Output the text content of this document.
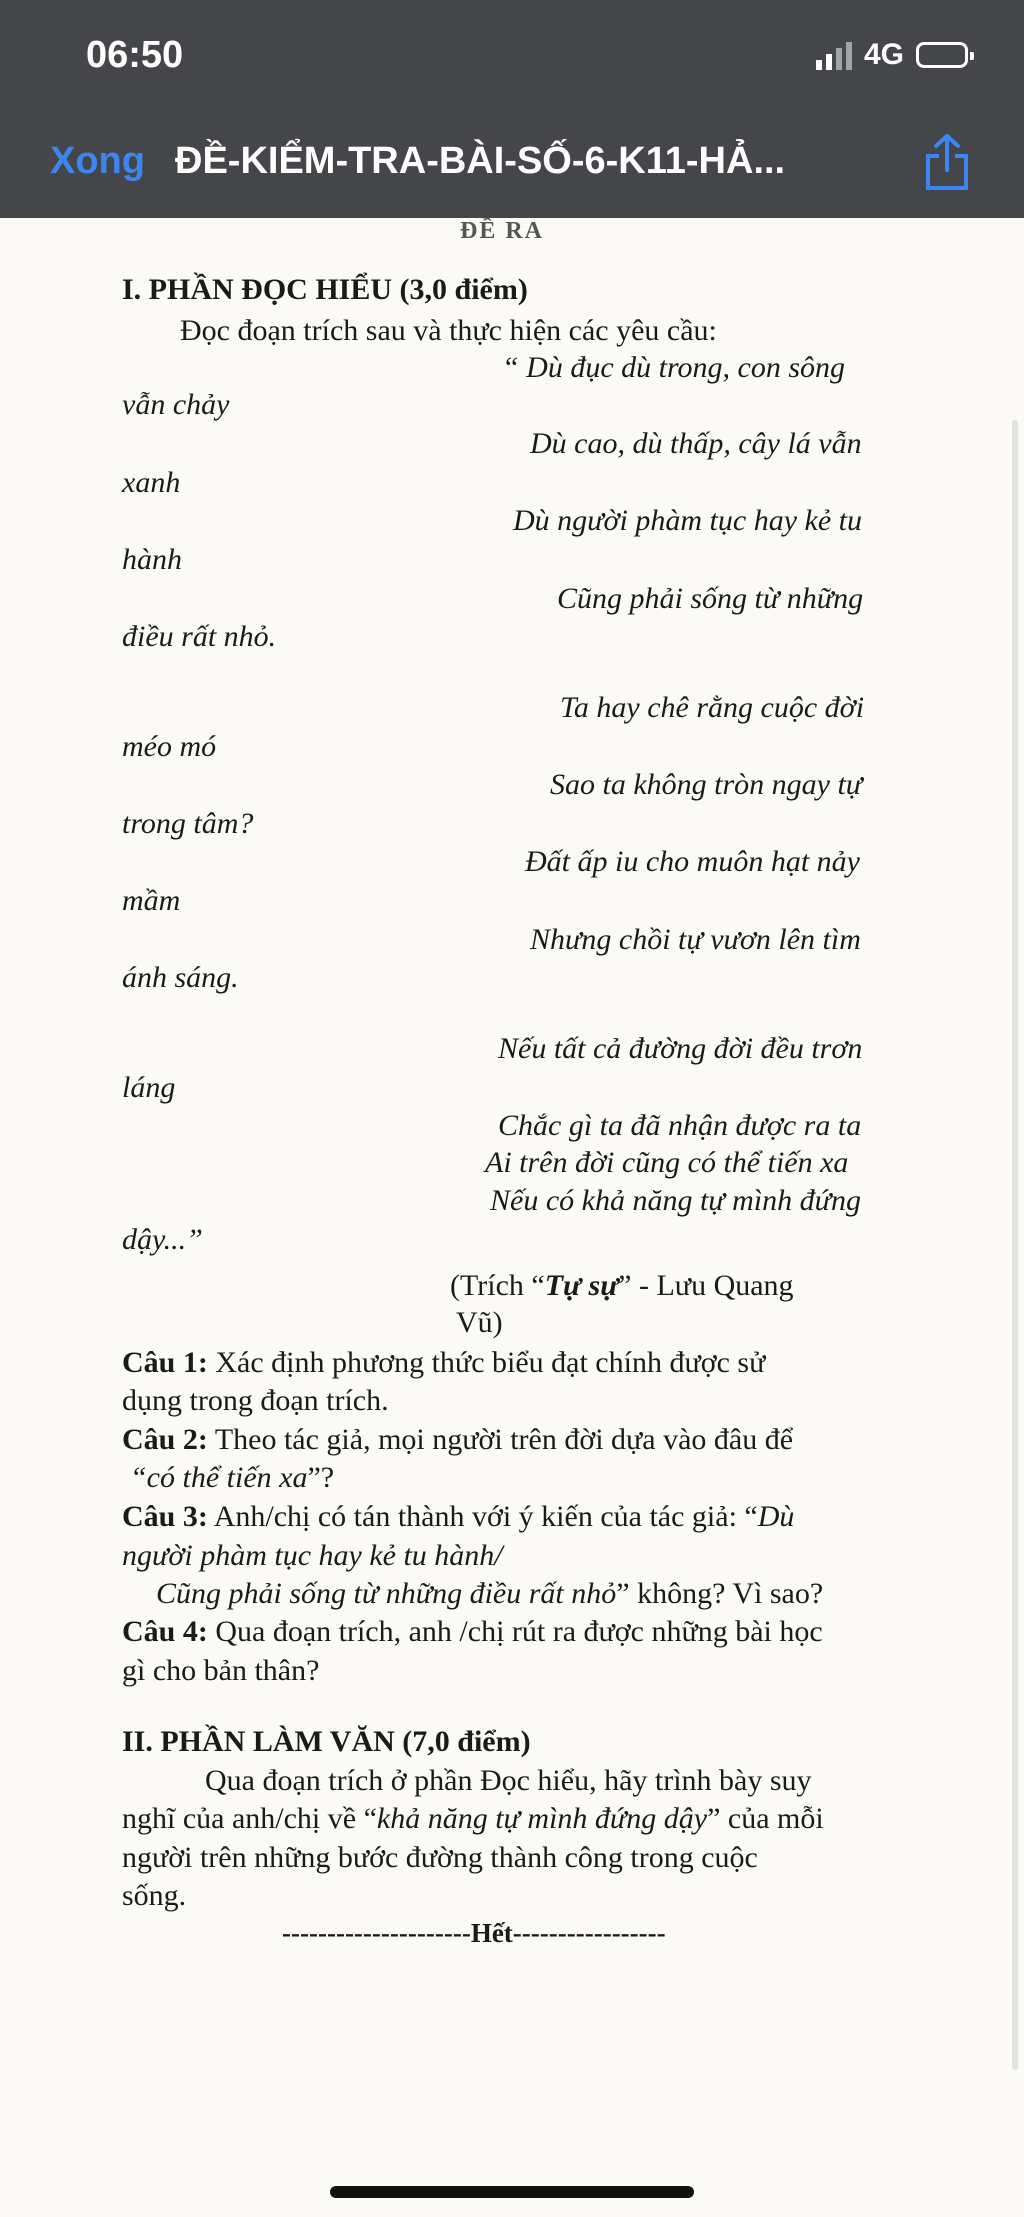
06:50	4G
Xong ĐỀ-KIỂM-TRA-BÀI-SỐ-6-K11-HẢ...
ĐỀ RA
I. PHẦN ĐỌC HIỂU (3,0 điểm)
Đọc đoạn trích sau và thực hiện các yêu cầu:
“ Dù đục dù trong, con sông
vẫn chảy
Dù cao, dù thấp, cây lá vẫn
xanh
Dù người phàm tục hay kẻ tu
hành
Cũng phải sống từ những
điều rất nhỏ.
Ta hay chê rằng cuộc đời
méo mó
Sao ta không tròn ngay tự
trong tâm?
Đất ấp iu cho muôn hạt nảy
mầm
Nhưng chồi tự vươn lên tìm
ánh sáng.
Nếu tất cả đường đời đều trơn
láng
Chắc gì ta đã nhận được ra ta
Ai trên đời cũng có thể tiến xa
Nếu có khả năng tự mình đứng
dậy...”
(Trích “Tự sự” - Lưu Quang
Vũ)
Câu 1: Xác định phương thức biểu đạt chính được sử
dụng trong đoạn trích.
Câu 2: Theo tác giả, mọi người trên đời dựa vào đâu để
“có thể tiến xa”?
Câu 3: Anh/chị có tán thành với ý kiến của tác giả: “Dù
người phàm tục hay kẻ tu hành/
Cũng phải sống từ những điều rất nhỏ” không? Vì sao?
Câu 4: Qua đoạn trích, anh /chị rút ra được những bài học
gì cho bản thân?
II. PHẦN LÀM VĂN (7,0 điểm)
Qua đoạn trích ở phần Đọc hiểu, hãy trình bày suy
nghĩ của anh/chị về “khả năng tự mình đứng dậy” của mỗi
người trên những bước đường thành công trong cuộc
sống.
---------------------Hết-----------------
